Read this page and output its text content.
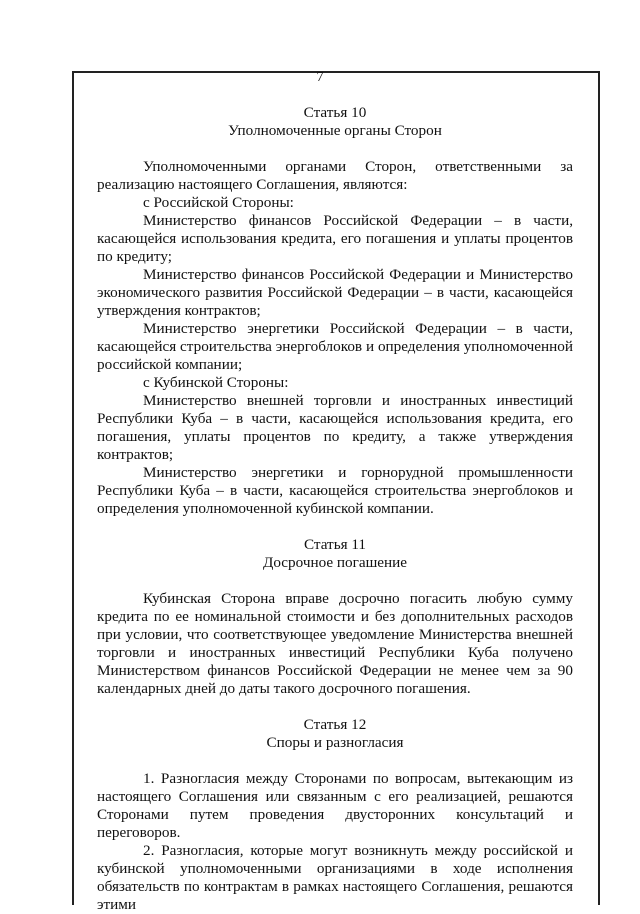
7

Статья 10

Уполномоченные органы Сторон

Уполномоченными органами Сторон, ответственными за реализацию настоящего Соглашения, являются:

с Российской Стороны:

Министерство финансов Российской Федерации – в части, касающейся использования кредита, его погашения и уплаты процентов по кредиту;

Министерство финансов Российской Федерации и Министерство экономического развития Российской Федерации – в части, касающейся утверждения контрактов;

Министерство энергетики Российской Федерации – в части, касающейся строительства энергоблоков и определения уполномоченной российской компании;

с Кубинской Стороны:

Министерство внешней торговли и иностранных инвестиций Республики Куба – в части, касающейся использования кредита, его погашения, уплаты процентов по кредиту, а также утверждения контрактов;

Министерство энергетики и горнорудной промышленности Республики Куба – в части, касающейся строительства энергоблоков и определения уполномоченной кубинской компании.

Статья 11

Досрочное погашение

Кубинская Сторона вправе досрочно погасить любую сумму кредита по ее номинальной стоимости и без дополнительных расходов при условии, что соответствующее уведомление Министерства внешней торговли и иностранных инвестиций Республики Куба получено Министерством финансов Российской Федерации не менее чем за 90 календарных дней до даты такого досрочного погашения.

Статья 12

Споры и разногласия

1. Разногласия между Сторонами по вопросам, вытекающим из настоящего Соглашения или связанным с его реализацией, решаются Сторонами путем проведения двусторонних консультаций и переговоров.

2. Разногласия, которые могут возникнуть между российской и кубинской уполномоченными организациями в ходе исполнения обязательств по контрактам в рамках настоящего Соглашения, решаются этими
